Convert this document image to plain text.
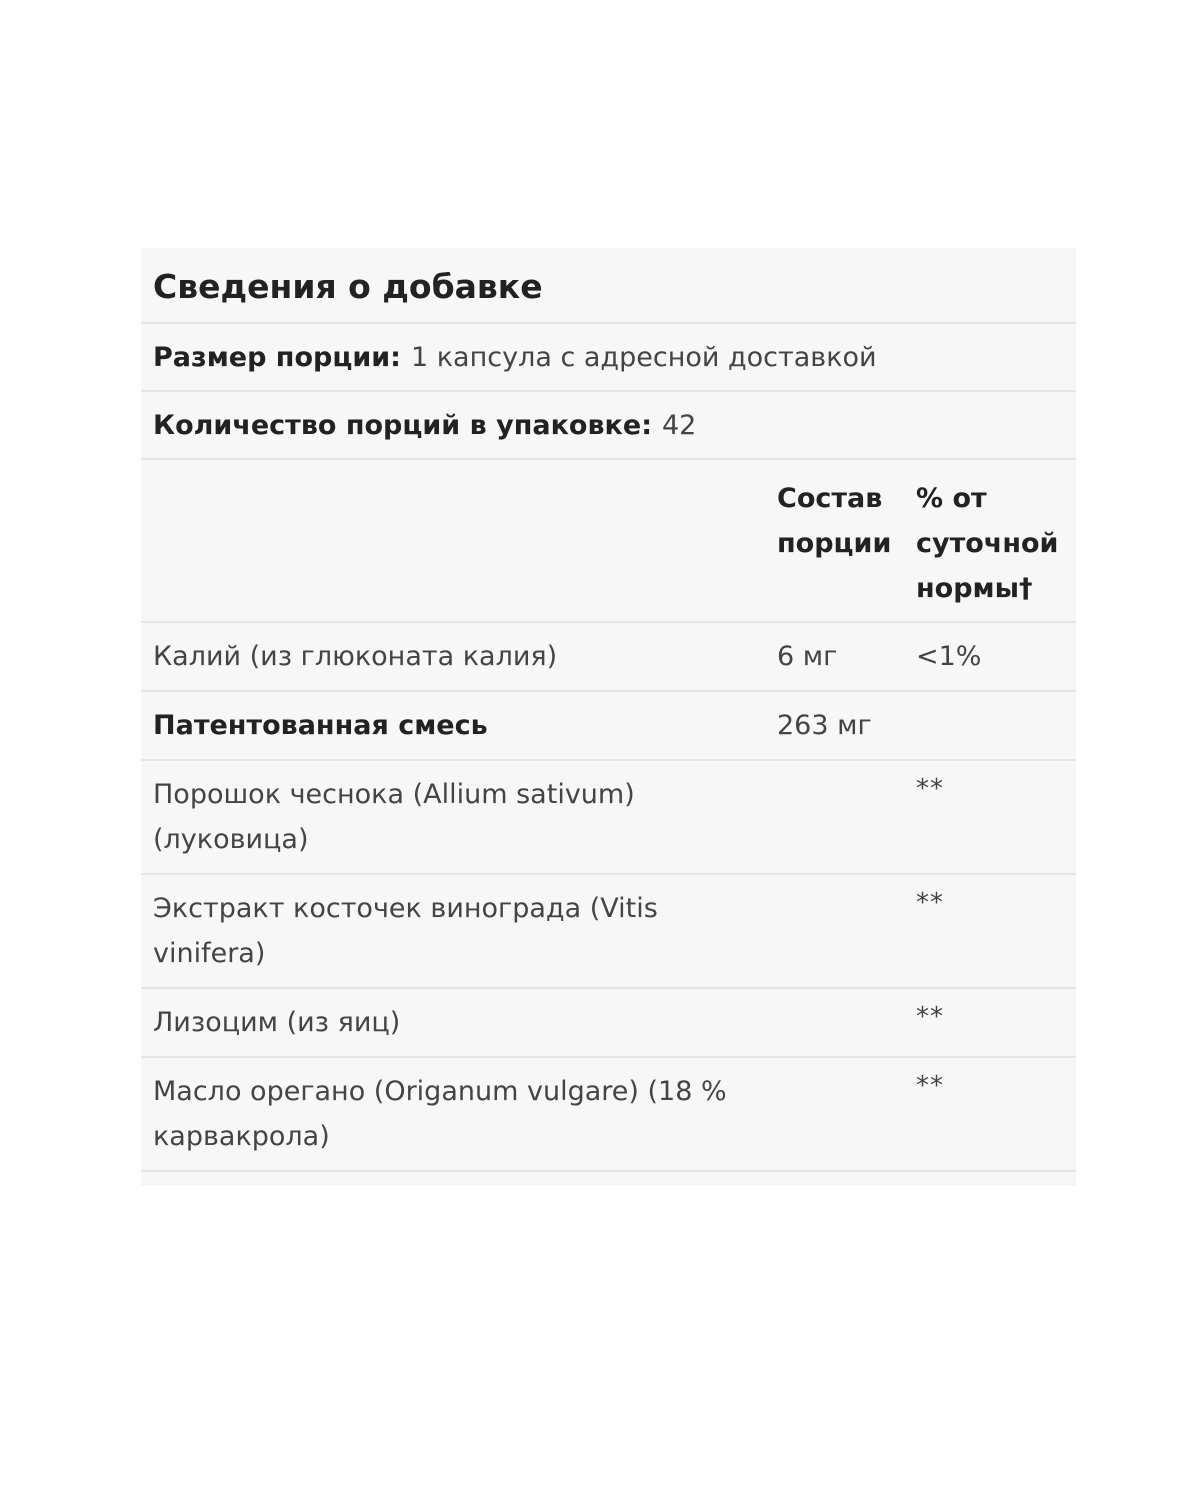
Сведения о добавке
Размер порции: 1 капсула с адресной доставкой
Количество порций в упаковке: 42
	Состав порции	% от суточной нормы†
Калий (из глюконата калия)	6 мг	<1%
Патентованная смесь	263 мг	
Порошок чеснока (Allium sativum) (луковица)		**
Экстракт косточек винограда (Vitis vinifera)		**
Лизоцим (из яиц)		**
Масло орегано (Origanum vulgare) (18 % карвакрола)		**
